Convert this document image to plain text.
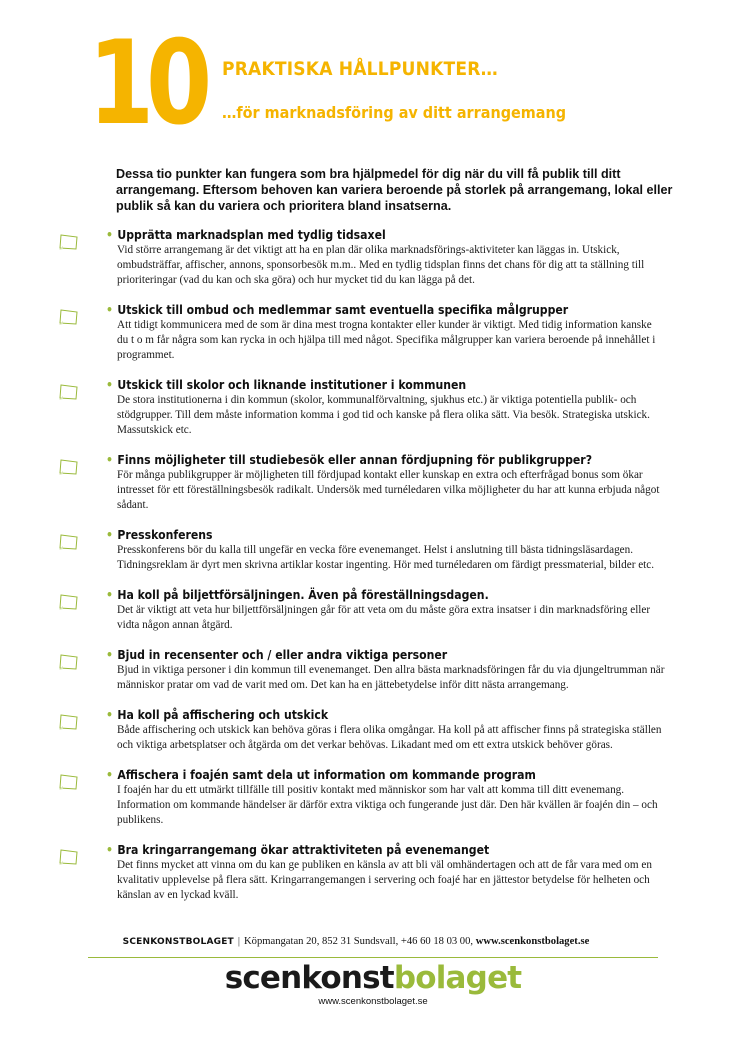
10 PRAKTISKA HÅLLPUNKTER…
…för marknadsföring av ditt arrangemang

Dessa tio punkter kan fungera som bra hjälpmedel för dig när du vill få publik till ditt arrangemang. Eftersom behoven kan variera beroende på storlek på arrangemang, lokal eller publik så kan du variera och prioritera bland insatserna.

• Upprätta marknadsplan med tydlig tidsaxel
Vid större arrangemang är det viktigt att ha en plan där olika marknadsförings-aktiviteter kan läggas in. Utskick, ombudsträffar, affischer, annons, sponsorbesök m.m.. Med en tydlig tidsplan finns det chans för dig att ta ställning till prioriteringar (vad du kan och ska göra) och hur mycket tid du kan lägga på det.
• Utskick till ombud och medlemmar samt eventuella specifika målgrupper
Att tidigt kommunicera med de som är dina mest trogna kontakter eller kunder är viktigt. Med tidig information kanske du t o m får några som kan rycka in och hjälpa till med något. Specifika målgrupper kan variera beroende på innehållet i programmet.
• Utskick till skolor och liknande institutioner i kommunen
De stora institutionerna i din kommun (skolor, kommunalförvaltning, sjukhus etc.) är viktiga potentiella publik- och stödgrupper. Till dem måste information komma i god tid och kanske på flera olika sätt. Via besök. Strategiska utskick. Massutskick etc.
• Finns möjligheter till studiebesök eller annan fördjupning för publikgrupper?
För många publikgrupper är möjligheten till fördjupad kontakt eller kunskap en extra och efterfrågad bonus som ökar intresset för ett föreställningsbesök radikalt. Undersök med turnéledaren vilka möjligheter du har att kunna erbjuda något sådant.
• Presskonferens
Presskonferens bör du kalla till ungefär en vecka före evenemanget. Helst i anslutning till bästa tidningsläsardagen. Tidningsreklam är dyrt men skrivna artiklar kostar ingenting. Hör med turnéledaren om färdigt pressmaterial, bilder etc.
• Ha koll på biljettförsäljningen. Även på föreställningsdagen.
Det är viktigt att veta hur biljettförsäljningen går för att veta om du måste göra extra insatser i din marknadsföring eller vidta någon annan åtgärd.
• Bjud in recensenter och / eller andra viktiga personer
Bjud in viktiga personer i din kommun till evenemanget. Den allra bästa marknadsföringen får du via djungeltrumman när människor pratar om vad de varit med om. Det kan ha en jättebetydelse inför ditt nästa arrangemang.
• Ha koll på affischering och utskick
Både affischering och utskick kan behöva göras i flera olika omgångar. Ha koll på att affischer finns på strategiska ställen och viktiga arbetsplatser och åtgärda om det verkar behövas. Likadant med om ett extra utskick behöver göras.
• Affischera i foajén samt dela ut information om kommande program
I foajén har du ett utmärkt tillfälle till positiv kontakt med människor som har valt att komma till ditt evenemang. Information om kommande händelser är därför extra viktiga och fungerande just där. Den här kvällen är foajén din – och publikens.
• Bra kringarrangemang ökar attraktiviteten på evenemanget
Det finns mycket att vinna om du kan ge publiken en känsla av att bli väl omhändertagen och att de får vara med om en kvalitativ upplevelse på flera sätt. Kringarrangemangen i servering och foajé har en jättestor betydelse för helheten och känslan av en lyckad kväll.
SCENKONSTBOLAGET | Köpmangatan 20, 852 31 Sundsvall, +46 60 18 03 00, www.scenkonstbolaget.se
scenkonstbolaget
www.scenkonstbolaget.se
